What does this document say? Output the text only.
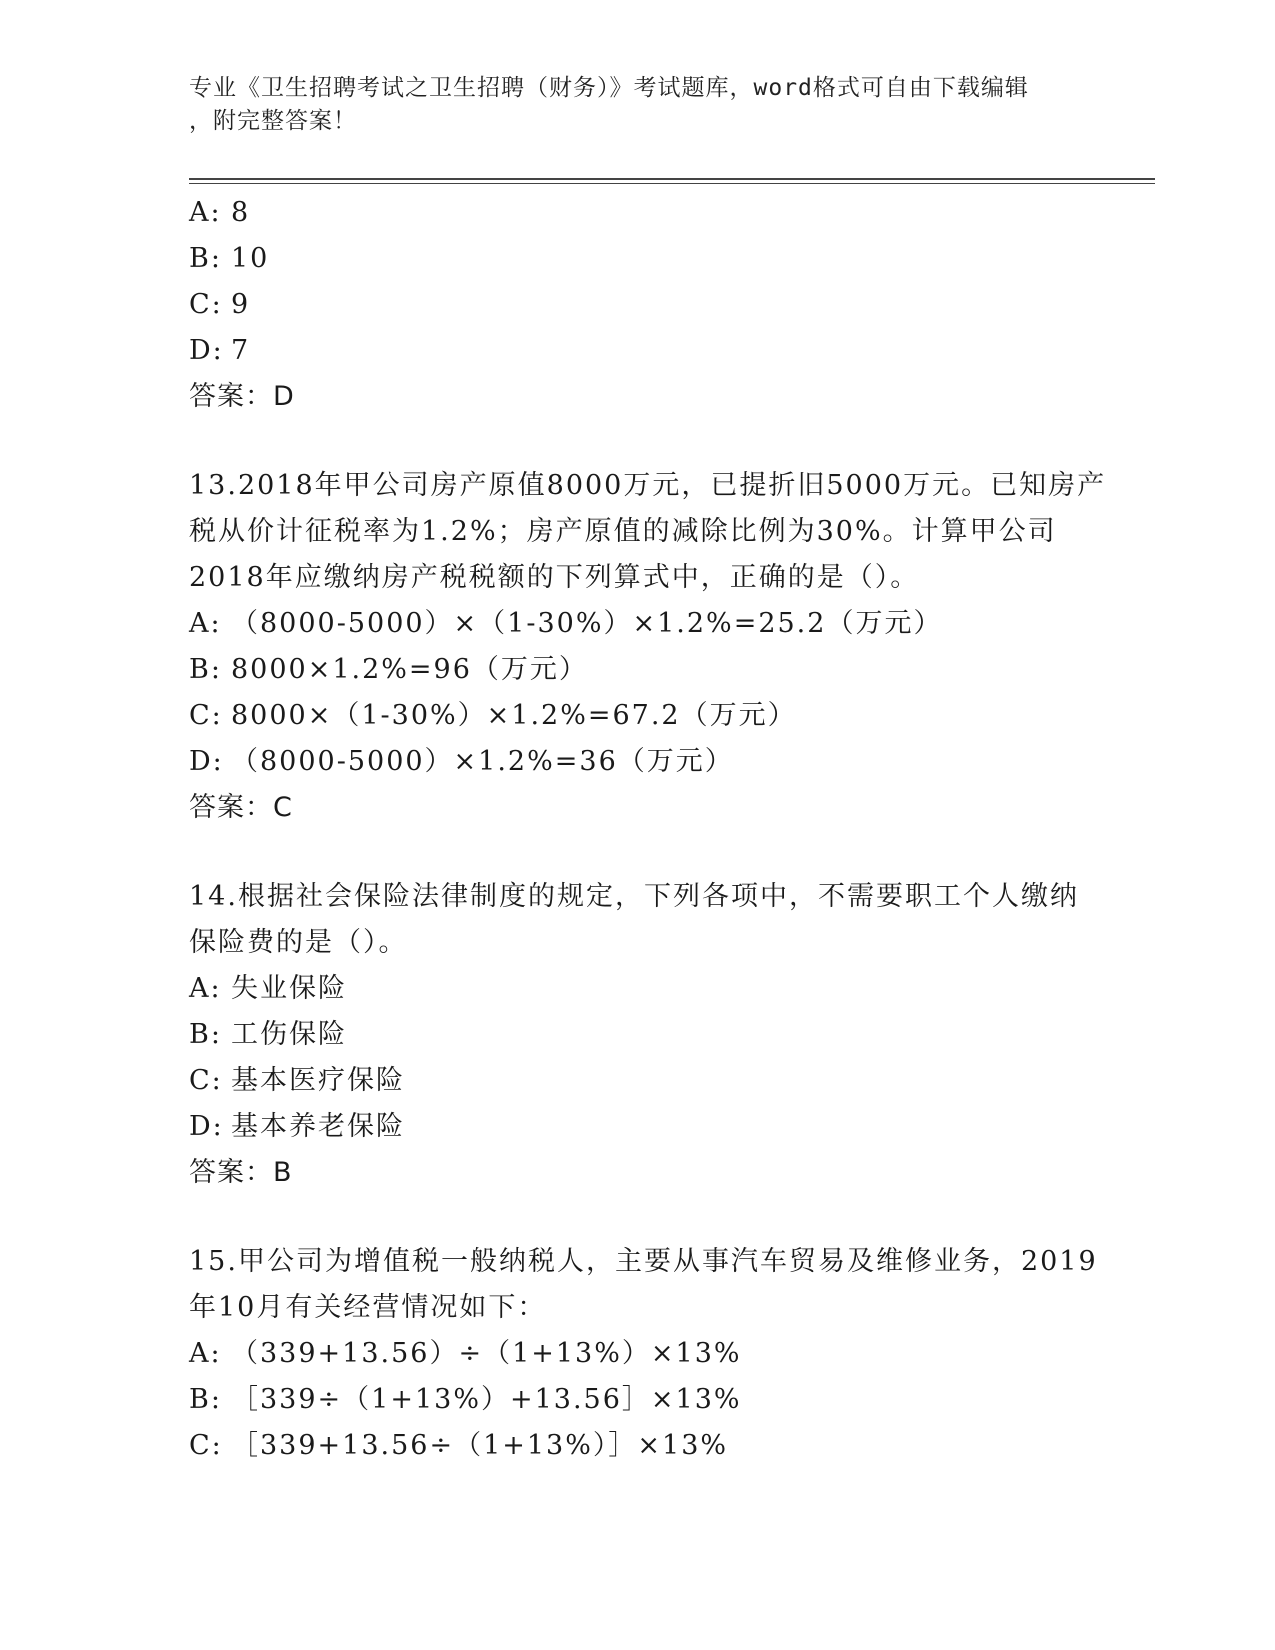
专业《卫生招聘考试之卫生招聘（财务）》考试题库，word格式可自由下载编辑
，附完整答案！
A: 8
B: 10
C: 9
D: 7
答案：D
13.2018年甲公司房产原值8000万元，已提折旧5000万元。已知房产
税从价计征税率为1.2%；房产原值的减除比例为30%。计算甲公司
2018年应缴纳房产税税额的下列算式中，正确的是（）。
A: （8000-5000）×（1-30%）×1.2%=25.2（万元）
B: 8000×1.2%=96（万元）
C: 8000×（1-30%）×1.2%=67.2（万元）
D: （8000-5000）×1.2%=36（万元）
答案：C
14.根据社会保险法律制度的规定，下列各项中，不需要职工个人缴纳
保险费的是（）。
A: 失业保险
B: 工伤保险
C: 基本医疗保险
D: 基本养老保险
答案：B
15.甲公司为增值税一般纳税人，主要从事汽车贸易及维修业务，2019
年10月有关经营情况如下：
A: （339+13.56）÷（1+13%）×13%
B: ［339÷（1+13%）+13.56］×13%
C: ［339+13.56÷（1+13%）］×13%
